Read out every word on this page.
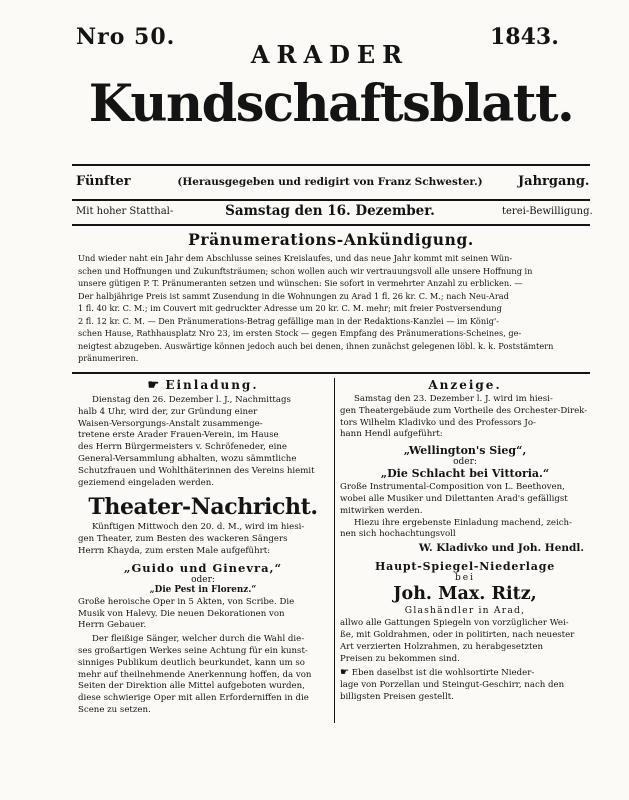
Nro 50.	1843.
ARADER
Kundschaftsblatt.
Fünfter	(Herausgegeben und redigirt von Franz Schwester.)	Jahrgang.
Mit hoher Statthal-	Samstag den 16. Dezember.	terei-Bewilligung.
Pränumerations-Ankündigung.

Und wieder naht ein Jahr dem Abschlusse seines Kreislaufes, und das neue Jahr kommt mit seinen Wün-

schen und Hoffnungen und Zukunftsträumen; schon wollen auch wir vertrauungsvoll alle unsere Hoffnung in

unsere gütigen P. T. Pränumeranten setzen und wünschen: Sie sofort in vermehrter Anzahl zu erblicken. —

Der halbjährige Preis ist sammt Zusendung in die Wohnungen zu Arad 1 fl. 26 kr. C. M.; nach Neu-Arad

1 fl. 40 kr. C. M.; im Couvert mit gedruckter Adresse um 20 kr. C. M. mehr; mit freier Postversendung

2 fl. 12 kr. C. M. — Den Pränumerations-Betrag gefällige man in der Redaktions-Kanzlei — im König'-

schen Hause, Rathhausplatz Nro 23, im ersten Stock — gegen Empfang des Pränumerations-Scheines, ge-

neigtest abzugeben. Auswärtige können jedoch auch bei denen, ihnen zunächst gelegenen löbl. k. k. Poststämtern

pränumeriren.

☛ Einladung.

Dienstag den 26. Dezember l. J., Nachmittags

halb 4 Uhr, wird der, zur Gründung einer

Waisen-Versorgungs-Anstalt zusammenge-

tretene erste Arader Frauen-Verein, im Hause

des Herrn Bürgermeisters v. Schröfeneder, eine

General-Versammlung abhalten, wozu sämmtliche

Schutzfrauen und Wohlthäterinnen des Vereins hiemit

geziemend eingeladen werden.

Theater-Nachricht.

Künftigen Mittwoch den 20. d. M., wird im hiesi-

gen Theater, zum Besten des wackeren Sängers

Herrn Khayda, zum ersten Male aufgeführt:

„Guido und Ginevra,“
oder:
„Die Pest in Florenz.“

Große heroische Oper in 5 Akten, von Scribe. Die

Musik von Halevy. Die neuen Dekorationen von

Herrn Gebauer.

Der fleißige Sänger, welcher durch die Wahl die-

ses großartigen Werkes seine Achtung für ein kunst-

sinniges Publikum deutlich beurkundet, kann um so

mehr auf theilnehmende Anerkennung hoffen, da von

Seiten der Direktion alle Mittel aufgeboten wurden,

diese schwierige Oper mit allen Erforderniffen in die

Scene zu setzen.

Anzeige.

Samstag den 23. Dezember l. J. wird im hiesi-

gen Theatergebäude zum Vortheile des Orchester-Direk-

tors Wilhelm Kladivko und des Professors Jo-

hann Hendl aufgeführt:

„Wellington's Sieg“,
oder:
„Die Schlacht bei Vittoria.“

Große Instrumental-Composition von L. Beethoven,

wobei alle Musiker und Dilettanten Arad's gefälligst

mitwirken werden.

Hiezu ihre ergebenste Einladung machend, zeich-

nen sich hochachtungsvoll

W. Kladivko und Joh. Hendl.
Haupt-Spiegel-Niederlage
bei
Joh. Max. Ritz,
Glashändler in Arad,

allwo alle Gattungen Spiegeln von vorzüglicher Wei-

ße, mit Goldrahmen, oder in politirten, nach neuester

Art verzierten Holzrahmen, zu herabgesetzten

Preisen zu bekommen sind.

☛ Eben daselbst ist die wohlsortirte Nieder-

lage von Porzellan und Steingut-Geschirr, nach den

billigsten Preisen gestellt.
